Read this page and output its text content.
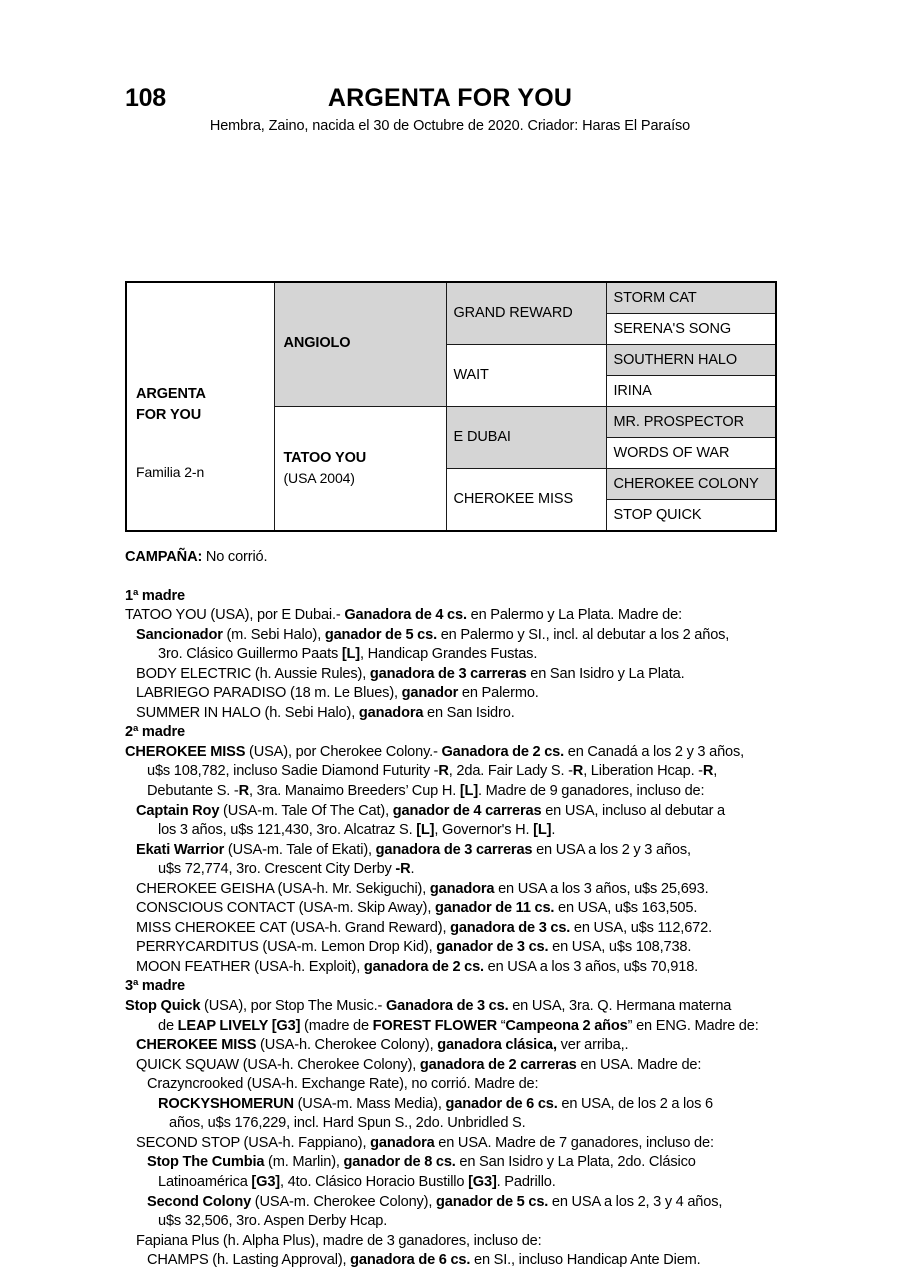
108	ARGENTA FOR YOU
Hembra, Zaino, nacida el 30 de Octubre de 2020. Criador: Haras El Paraíso
ARGENTA
FOR YOU
Familia 2-n	ANGIOLO	GRAND REWARD	STORM CAT
			SERENA'S SONG
		WAIT	SOUTHERN HALO
			IRINA

	TATOO YOU
(USA 2004)	E DUBAI	MR. PROSPECTOR
			WORDS OF WAR
		CHEROKEE MISS	CHEROKEE COLONY
			STOP QUICK
CAMPAÑA: No corrió.
1ª madre
TATOO YOU (USA), por E Dubai.- Ganadora de 4 cs. en Palermo y La Plata. Madre de:
Sancionador (m. Sebi Halo), ganador de 5 cs. en Palermo y SI., incl. al debutar a los 2 años,
3ro. Clásico Guillermo Paats [L], Handicap Grandes Fustas.
BODY ELECTRIC (h. Aussie Rules), ganadora de 3 carreras en San Isidro y La Plata.
LABRIEGO PARADISO (18 m. Le Blues), ganador en Palermo.
SUMMER IN HALO (h. Sebi Halo), ganadora en San Isidro.
2ª madre
CHEROKEE MISS (USA), por Cherokee Colony.- Ganadora de 2 cs. en Canadá a los 2 y 3 años,
u$s 108,782, incluso Sadie Diamond Futurity -R, 2da. Fair Lady S. -R, Liberation Hcap. -R,
Debutante S. -R, 3ra. Manaimo Breeders’ Cup H. [L]. Madre de 9 ganadores, incluso de:
Captain Roy (USA-m. Tale Of The Cat), ganador de 4 carreras en USA, incluso al debutar a
los 3 años, u$s 121,430, 3ro. Alcatraz S. [L], Governor's H. [L].
Ekati Warrior (USA-m. Tale of Ekati), ganadora de 3 carreras en USA a los 2 y 3 años,
u$s 72,774, 3ro. Crescent City Derby -R.
CHEROKEE GEISHA (USA-h. Mr. Sekiguchi), ganadora en USA a los 3 años, u$s 25,693.
CONSCIOUS CONTACT (USA-m. Skip Away), ganador de 11 cs. en USA, u$s 163,505.
MISS CHEROKEE CAT (USA-h. Grand Reward), ganadora de 3 cs. en USA, u$s 112,672.
PERRYCARDITUS (USA-m. Lemon Drop Kid), ganador de 3 cs. en USA, u$s 108,738.
MOON FEATHER (USA-h. Exploit), ganadora de 2 cs. en USA a los 3 años, u$s 70,918.
3ª madre
Stop Quick (USA), por Stop The Music.- Ganadora de 3 cs. en USA, 3ra. Q. Hermana materna
de LEAP LIVELY [G3] (madre de FOREST FLOWER “Campeona 2 años” en ENG. Madre de:
CHEROKEE MISS (USA-h. Cherokee Colony), ganadora clásica, ver arriba,.
QUICK SQUAW (USA-h. Cherokee Colony), ganadora de 2 carreras en USA. Madre de:
Crazyncrooked (USA-h. Exchange Rate), no corrió. Madre de:
ROCKYSHOMERUN (USA-m. Mass Media), ganador de 6 cs. en USA, de los 2 a los 6
años, u$s 176,229, incl. Hard Spun S., 2do. Unbridled S.
SECOND STOP (USA-h. Fappiano), ganadora en USA. Madre de 7 ganadores, incluso de:
Stop The Cumbia (m. Marlin), ganador de 8 cs. en San Isidro y La Plata, 2do. Clásico
Latinoamérica [G3], 4to. Clásico Horacio Bustillo [G3]. Padrillo.
Second Colony (USA-m. Cherokee Colony), ganador de 5 cs. en USA a los 2, 3 y 4 años,
u$s 32,506, 3ro. Aspen Derby Hcap.
Fapiana Plus (h. Alpha Plus), madre de 3 ganadores, incluso de:
CHAMPS (h. Lasting Approval), ganadora de 6 cs. en SI., incluso Handicap Ante Diem.
